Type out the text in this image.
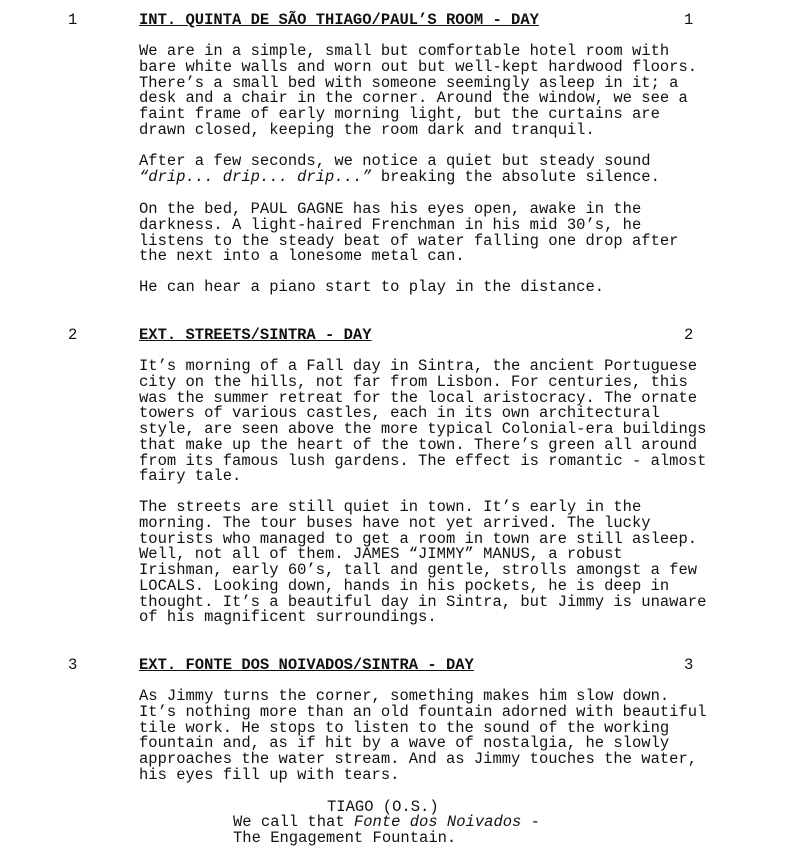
1	INT. QUINTA DE SÃO THIAGO/PAUL’S ROOM - DAY	1
We are in a simple, small but comfortable hotel room with
bare white walls and worn out but well-kept hardwood floors.
There’s a small bed with someone seemingly asleep in it; a
desk and a chair in the corner. Around the window, we see a
faint frame of early morning light, but the curtains are
drawn closed, keeping the room dark and tranquil.
After a few seconds, we notice a quiet but steady sound
“drip... drip... drip...” breaking the absolute silence.
On the bed, PAUL GAGNE has his eyes open, awake in the
darkness. A light-haired Frenchman in his mid 30’s, he
listens to the steady beat of water falling one drop after
the next into a lonesome metal can.
He can hear a piano start to play in the distance.
2	EXT. STREETS/SINTRA - DAY	2
It’s morning of a Fall day in Sintra, the ancient Portuguese
city on the hills, not far from Lisbon. For centuries, this
was the summer retreat for the local aristocracy. The ornate
towers of various castles, each in its own architectural
style, are seen above the more typical Colonial-era buildings
that make up the heart of the town. There’s green all around
from its famous lush gardens. The effect is romantic - almost
fairy tale.
The streets are still quiet in town. It’s early in the
morning. The tour buses have not yet arrived. The lucky
tourists who managed to get a room in town are still asleep.
Well, not all of them. JAMES “JIMMY” MANUS, a robust
Irishman, early 60’s, tall and gentle, strolls amongst a few
LOCALS. Looking down, hands in his pockets, he is deep in
thought. It’s a beautiful day in Sintra, but Jimmy is unaware
of his magnificent surroundings.
3	EXT. FONTE DOS NOIVADOS/SINTRA - DAY	3
As Jimmy turns the corner, something makes him slow down.
It’s nothing more than an old fountain adorned with beautiful
tile work. He stops to listen to the sound of the working
fountain and, as if hit by a wave of nostalgia, he slowly
approaches the water stream. And as Jimmy touches the water,
his eyes fill up with tears.
TIAGO (O.S.)
We call that Fonte dos Noivados -
The Engagement Fountain.
